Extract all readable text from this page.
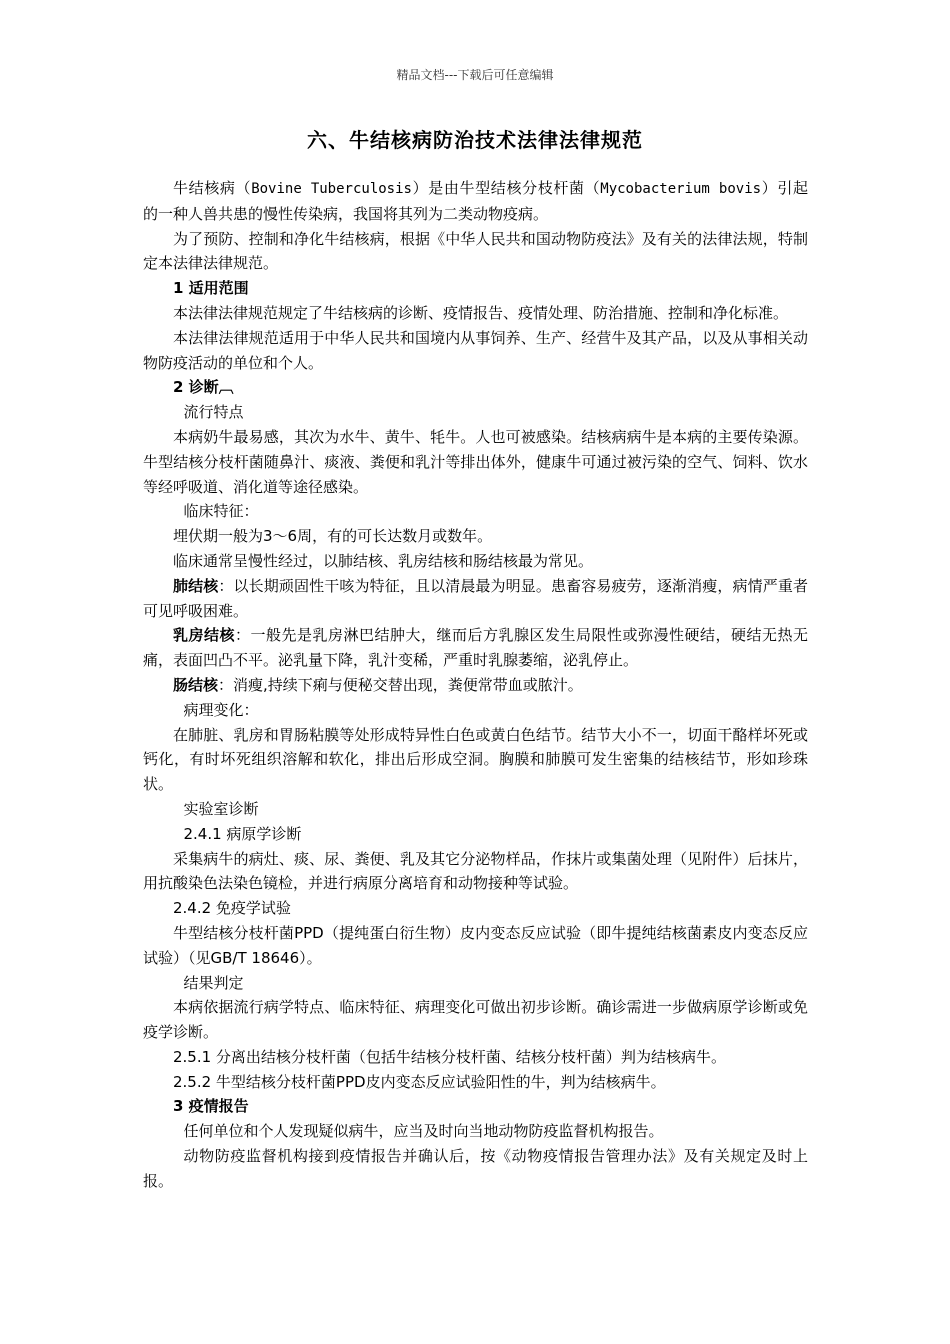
精品文档---下载后可任意编辑
六、牛结核病防治技术法律法律规范

牛结核病（Bovine Tuberculosis）是由牛型结核分枝杆菌（Mycobacterium bovis）引起的一种人兽共患的慢性传染病，我国将其列为二类动物疫病。

为了预防、控制和净化牛结核病，根据《中华人民共和国动物防疫法》及有关的法律法规，特制定本法律法律规范。

1 适用范围

本法律法律规范规定了牛结核病的诊断、疫情报告、疫情处理、防治措施、控制和净化标准。

本法律法律规范适用于中华人民共和国境内从事饲养、生产、经营牛及其产品，以及从事相关动物防疫活动的单位和个人。

2 诊断︹

流行特点

本病奶牛最易感，其次为水牛、黄牛、牦牛。人也可被感染。结核病病牛是本病的主要传染源。牛型结核分枝杆菌随鼻汁、痰液、粪便和乳汁等排出体外，健康牛可通过被污染的空气、饲料、饮水等经呼吸道、消化道等途径感染。

临床特征：

埋伏期一般为3～6周，有的可长达数月或数年。

临床通常呈慢性经过，以肺结核、乳房结核和肠结核最为常见。

肺结核：以长期顽固性干咳为特征，且以清晨最为明显。患畜容易疲劳，逐渐消瘦，病情严重者可见呼吸困难。

乳房结核：一般先是乳房淋巴结肿大，继而后方乳腺区发生局限性或弥漫性硬结，硬结无热无痛，表面凹凸不平。泌乳量下降，乳汁变稀，严重时乳腺萎缩，泌乳停止。

肠结核：消瘦,持续下痢与便秘交替出现，粪便常带血或脓汁。

病理变化：

在肺脏、乳房和胃肠粘膜等处形成特异性白色或黄白色结节。结节大小不一，切面干酪样坏死或钙化，有时坏死组织溶解和软化，排出后形成空洞。胸膜和肺膜可发生密集的结核结节，形如珍珠状。

实验室诊断

2.4.1 病原学诊断

采集病牛的病灶、痰、尿、粪便、乳及其它分泌物样品，作抹片或集菌处理（见附件）后抹片，用抗酸染色法染色镜检，并进行病原分离培育和动物接种等试验。

2.4.2 免疫学试验

牛型结核分枝杆菌PPD（提纯蛋白衍生物）皮内变态反应试验（即牛提纯结核菌素皮内变态反应试验）（见GB/T 18646）。

结果判定

本病依据流行病学特点、临床特征、病理变化可做出初步诊断。确诊需进一步做病原学诊断或免疫学诊断。

2.5.1 分离出结核分枝杆菌（包括牛结核分枝杆菌、结核分枝杆菌）判为结核病牛。

2.5.2 牛型结核分枝杆菌PPD皮内变态反应试验阳性的牛，判为结核病牛。

3 疫情报告

任何单位和个人发现疑似病牛，应当及时向当地动物防疫监督机构报告。

动物防疫监督机构接到疫情报告并确认后，按《动物疫情报告管理办法》及有关规定及时上报。
